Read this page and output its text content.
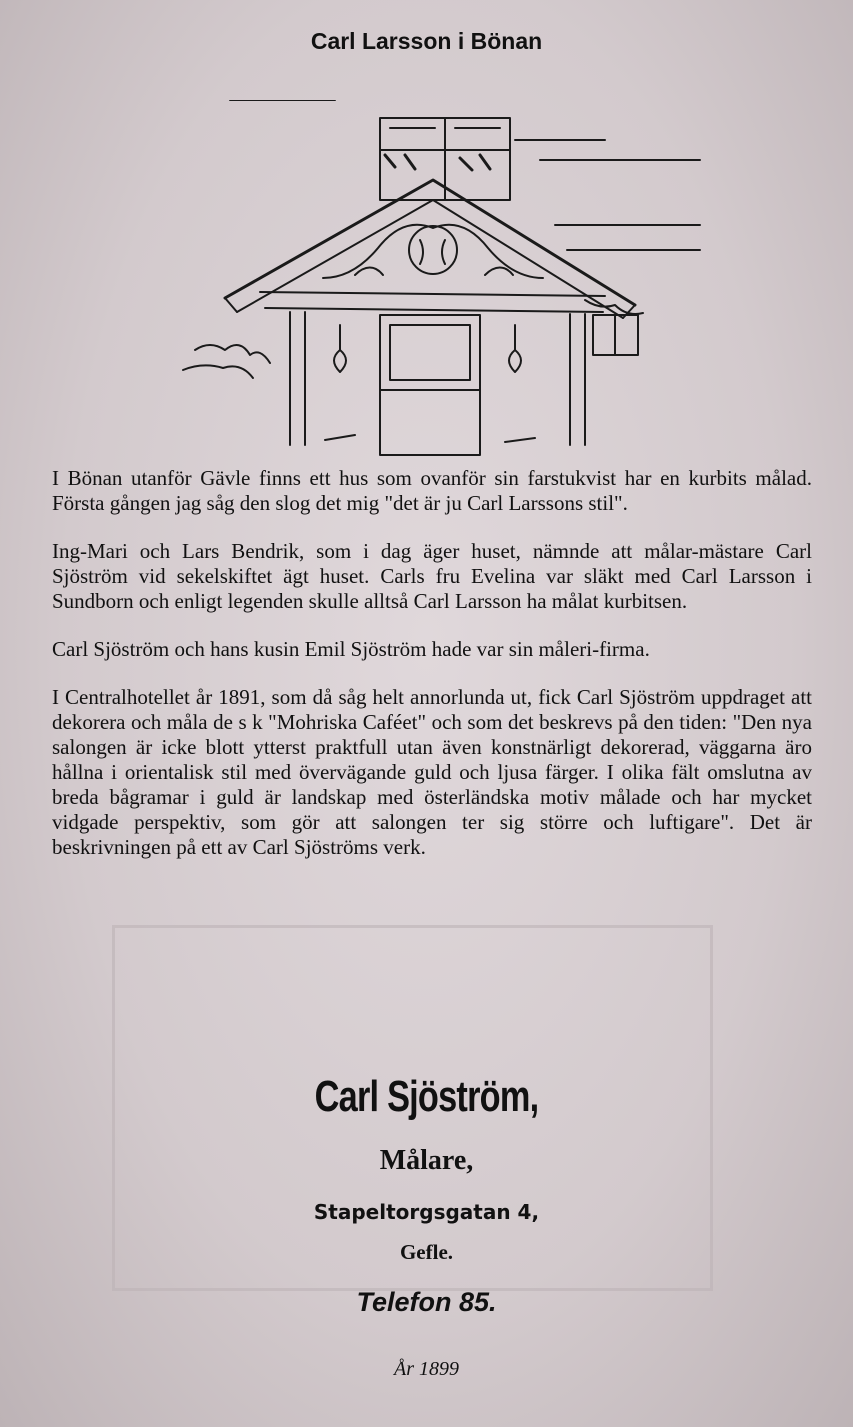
Carl Larsson i Bönan

I Bönan utanför Gävle finns ett hus som ovanför sin farstukvist har en kurbits målad. Första gången jag såg den slog det mig "det är ju Carl Larssons stil".

Ing-Mari och Lars Bendrik, som i dag äger huset, nämnde att målar-mästare Carl Sjöström vid sekelskiftet ägt huset. Carls fru Evelina var släkt med Carl Larsson i Sundborn och enligt legenden skulle alltså Carl Larsson ha målat kurbitsen.

Carl Sjöström och hans kusin Emil Sjöström hade var sin måleri-firma.

I Centralhotellet år 1891, som då såg helt annorlunda ut, fick Carl Sjöström uppdraget att dekorera och måla de s k "Mohriska Caféet" och som det beskrevs på den tiden: "Den nya salongen är icke blott ytterst praktfull utan även konstnärligt dekorerad, väggarna äro hållna i orientalisk stil med övervägande guld och ljusa färger. I olika fält omslutna av breda bågramar i guld är landskap med österländska motiv målade och har mycket vidgade perspektiv, som gör att salongen ter sig större och luftigare". Det är beskrivningen på ett av Carl Sjöströms verk.

Carl Sjöström,
Målare,
Stapeltorgsgatan 4,
Gefle.
Telefon 85.
År 1899
